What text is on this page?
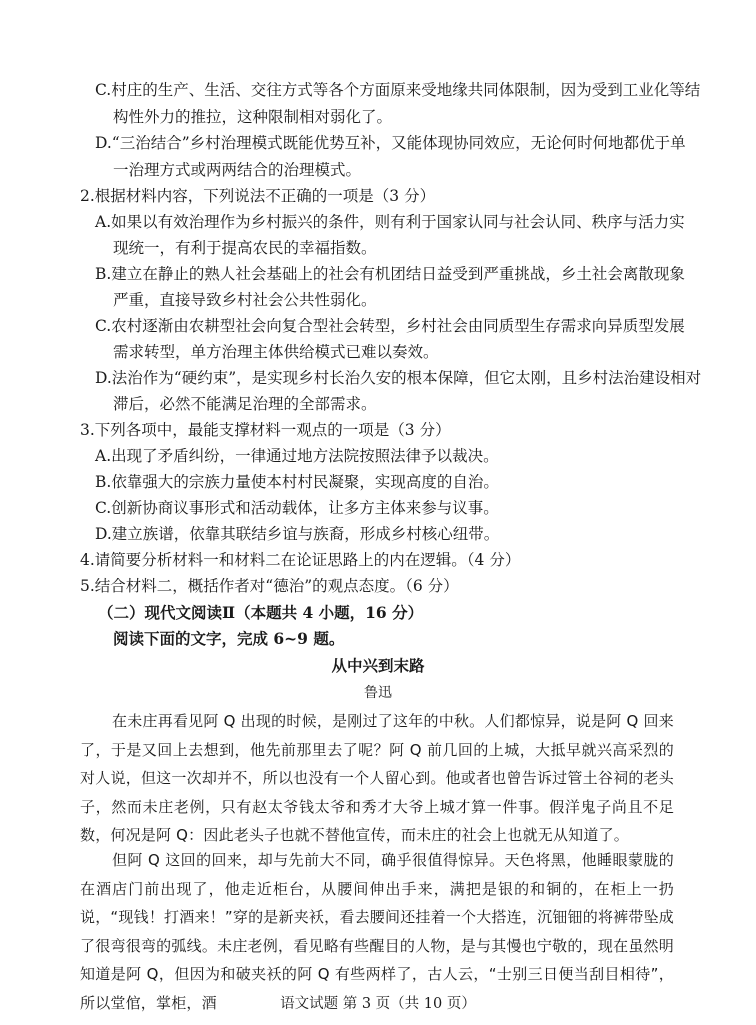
C.村庄的生产、生活、交往方式等各个方面原来受地缘共同体限制，因为受到工业化等结
构性外力的推拉，这种限制相对弱化了。
D.“三治结合”乡村治理模式既能优势互补，又能体现协同效应，无论何时何地都优于单
一治理方式或两两结合的治理模式。
2.根据材料内容，下列说法不正确的一项是（3 分）
A.如果以有效治理作为乡村振兴的条件，则有利于国家认同与社会认同、秩序与活力实
现统一，有利于提高农民的幸福指数。
B.建立在静止的熟人社会基础上的社会有机团结日益受到严重挑战，乡土社会离散现象
严重，直接导致乡村社会公共性弱化。
C.农村逐渐由农耕型社会向复合型社会转型，乡村社会由同质型生存需求向异质型发展
需求转型，单方治理主体供给模式已难以奏效。
D.法治作为“硬约束”，是实现乡村长治久安的根本保障，但它太刚，且乡村法治建设相对
滞后，必然不能满足治理的全部需求。
3.下列各项中，最能支撑材料一观点的一项是（3 分）
A.出现了矛盾纠纷，一律通过地方法院按照法律予以裁决。
B.依靠强大的宗族力量使本村村民凝聚，实现高度的自治。
C.创新协商议事形式和活动载体，让多方主体来参与议事。
D.建立族谱，依靠其联结乡谊与族裔，形成乡村核心纽带。
4.请简要分析材料一和材料二在论证思路上的内在逻辑。（4 分）
5.结合材料二，概括作者对“德治”的观点态度。（6 分）
（二）现代文阅读Ⅱ（本题共 4 小题，16 分）
阅读下面的文字，完成 6~9 题。
从中兴到末路
鲁迅
在未庄再看见阿 Q 出现的时候，是刚过了这年的中秋。人们都惊异，说是阿 Q 回来了，于是又回上去想到，他先前那里去了呢？阿 Q 前几回的上城，大抵早就兴高采烈的对人说，但这一次却并不，所以也没有一个人留心到。他或者也曾告诉过管土谷祠的老头子，然而未庄老例，只有赵太爷钱太爷和秀才大爷上城才算一件事。假洋鬼子尚且不足数，何况是阿 Q：因此老头子也就不替他宣传，而未庄的社会上也就无从知道了。
但阿 Q 这回的回来，却与先前大不同，确乎很值得惊异。天色将黑，他睡眼蒙胧的在酒店门前出现了，他走近柜台，从腰间伸出手来，满把是银的和铜的，在柜上一扔说，“现钱！打酒来！”穿的是新夹袄，看去腰间还挂着一个大搭连，沉钿钿的将裤带坠成了很弯很弯的弧线。未庄老例，看见略有些醒目的人物，是与其慢也宁敬的，现在虽然明知道是阿 Q，但因为和破夹袄的阿 Q 有些两样了，古人云，“士别三日便当刮目相待”，所以堂倌，掌柜，酒	语文试题 第 3 页（共 10 页）
